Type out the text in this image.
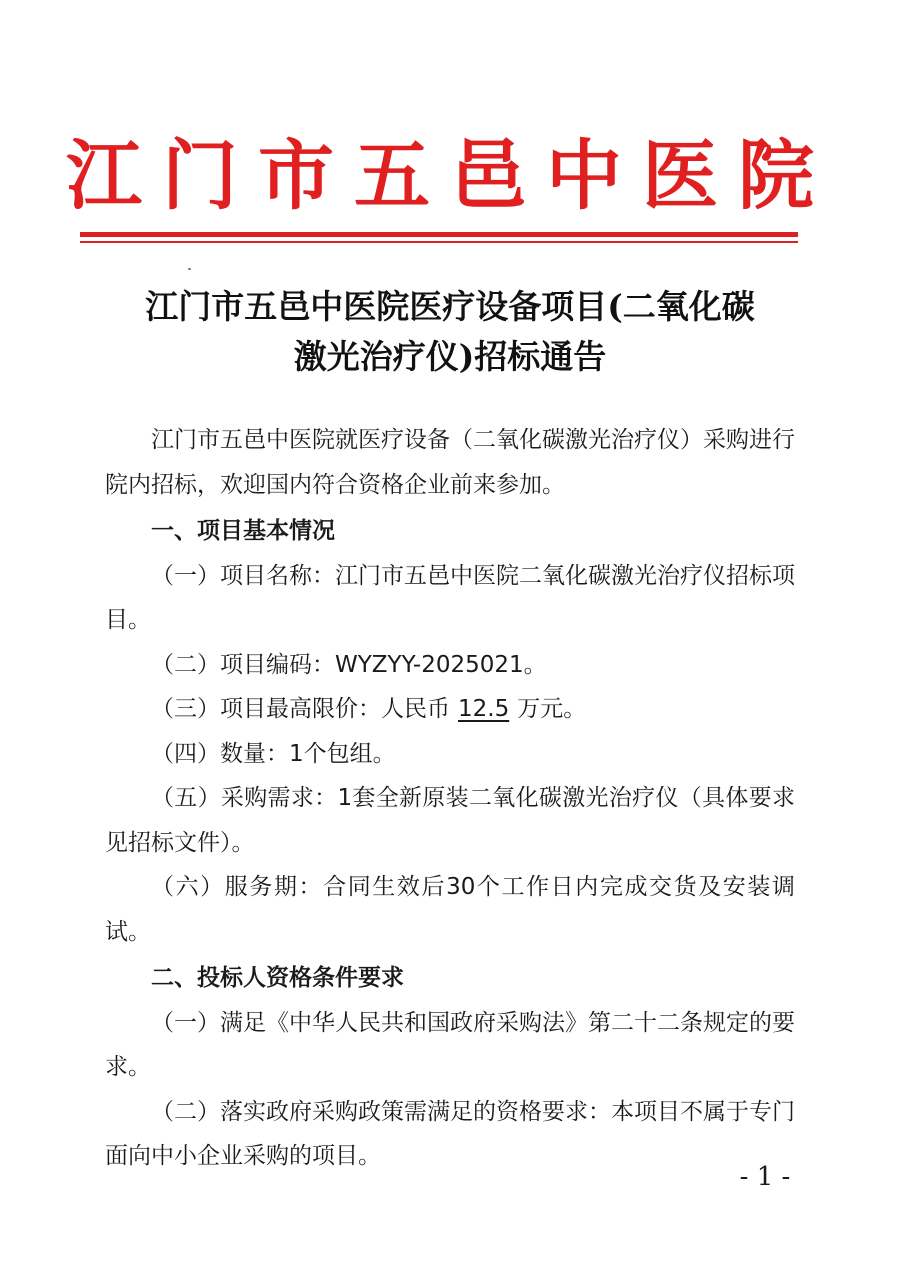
江门市五邑中医院
江门市五邑中医院医疗设备项目(二氧化碳
激光治疗仪)招标通告

江门市五邑中医院就医疗设备（二氧化碳激光治疗仪）采购进行院内招标，欢迎国内符合资格企业前来参加。

一、项目基本情况

（一）项目名称：江门市五邑中医院二氧化碳激光治疗仪招标项目。

（二）项目编码：WYZYY-2025021。

（三）项目最高限价：人民币 12.5 万元。

（四）数量：1个包组。

（五）采购需求：1套全新原装二氧化碳激光治疗仪（具体要求见招标文件）。

（六）服务期：合同生效后30个工作日内完成交货及安装调试。

二、投标人资格条件要求

（一）满足《中华人民共和国政府采购法》第二十二条规定的要求。

（二）落实政府采购政策需满足的资格要求：本项目不属于专门面向中小企业采购的项目。

- 1 -
